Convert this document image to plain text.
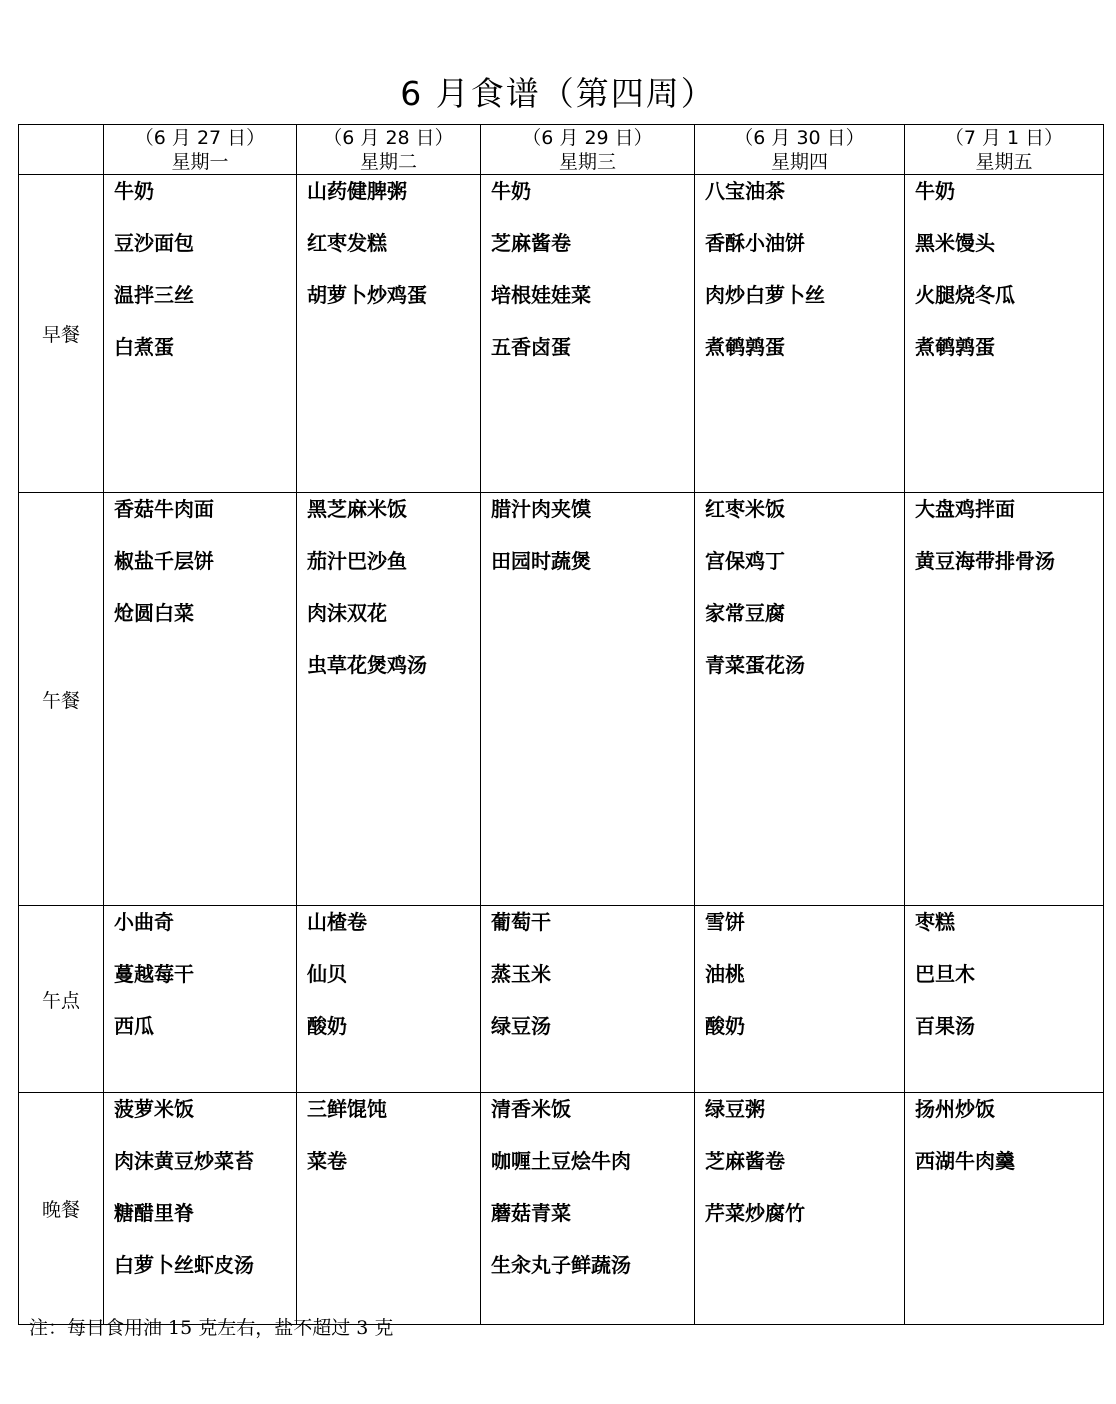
6 月食谱（第四周）
	（6 月 27 日）
星期一	（6 月 28 日）
星期二	（6 月 29 日）
星期三	（6 月 30 日）
星期四	（7 月 1 日）
星期五
早餐	牛奶
豆沙面包
温拌三丝
白煮蛋	山药健脾粥
红枣发糕
胡萝卜炒鸡蛋	牛奶
芝麻酱卷
培根娃娃菜
五香卤蛋	八宝油茶
香酥小油饼
肉炒白萝卜丝
煮鹌鹑蛋	牛奶
黑米馒头
火腿烧冬瓜
煮鹌鹑蛋

午餐	香菇牛肉面
椒盐千层饼
炝圆白菜	黑芝麻米饭
茄汁巴沙鱼
肉沫双花
虫草花煲鸡汤	腊汁肉夹馍
田园时蔬煲	红枣米饭
宫保鸡丁
家常豆腐
青菜蛋花汤	大盘鸡拌面
黄豆海带排骨汤

午点	小曲奇
蔓越莓干
西瓜	山楂卷
仙贝
酸奶	葡萄干
蒸玉米
绿豆汤	雪饼
油桃
酸奶	枣糕
巴旦木
百果汤

晚餐	菠萝米饭
肉沫黄豆炒菜苔
糖醋里脊
白萝卜丝虾皮汤	三鲜馄饨
菜卷	清香米饭
咖喱土豆烩牛肉
蘑菇青菜
生汆丸子鲜蔬汤	绿豆粥
芝麻酱卷
芹菜炒腐竹	扬州炒饭
西湖牛肉羹
注：每日食用油 15 克左右，盐不超过 3 克
